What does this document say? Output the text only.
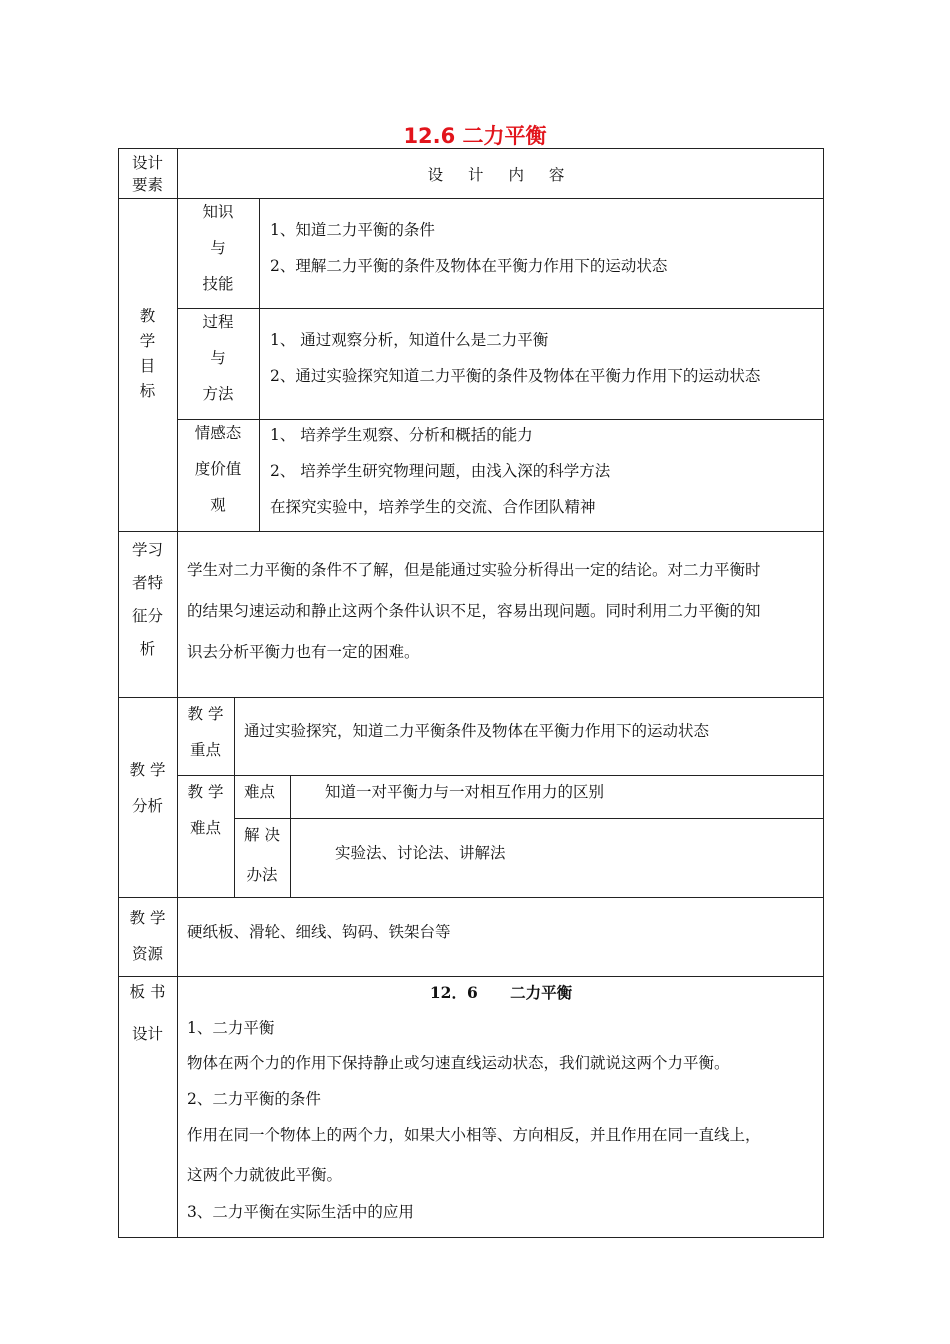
12.6 二力平衡
设计
要素
设 计 内 容
教
学
目
标
知识
与
技能
1、知道二力平衡的条件
2、理解二力平衡的条件及物体在平衡力作用下的运动状态
过程
与
方法
1、 通过观察分析，知道什么是二力平衡
2、通过实验探究知道二力平衡的条件及物体在平衡力作用下的运动状态
情感态
度价值
观
1、 培养学生观察、分析和概括的能力
2、 培养学生研究物理问题，由浅入深的科学方法
在探究实验中，培养学生的交流、合作团队精神
学习
者特
征分
析
学生对二力平衡的条件不了解，但是能通过实验分析得出一定的结论。对二力平衡时
的结果匀速运动和静止这两个条件认识不足，容易出现问题。同时利用二力平衡的知
识去分析平衡力也有一定的困难。
教 学
分析
教 学
重点
通过实验探究，知道二力平衡条件及物体在平衡力作用下的运动状态
教 学
难点
难点	知道一对平衡力与一对相互作用力的区别
解 决
办法
实验法、讨论法、讲解法
教 学
资源
硬纸板、滑轮、细线、钩码、铁架台等
板 书
设计
12．6      二力平衡
1、二力平衡
物体在两个力的作用下保持静止或匀速直线运动状态，我们就说这两个力平衡。
2、二力平衡的条件
作用在同一个物体上的两个力，如果大小相等、方向相反，并且作用在同一直线上，
这两个力就彼此平衡。
3、二力平衡在实际生活中的应用
